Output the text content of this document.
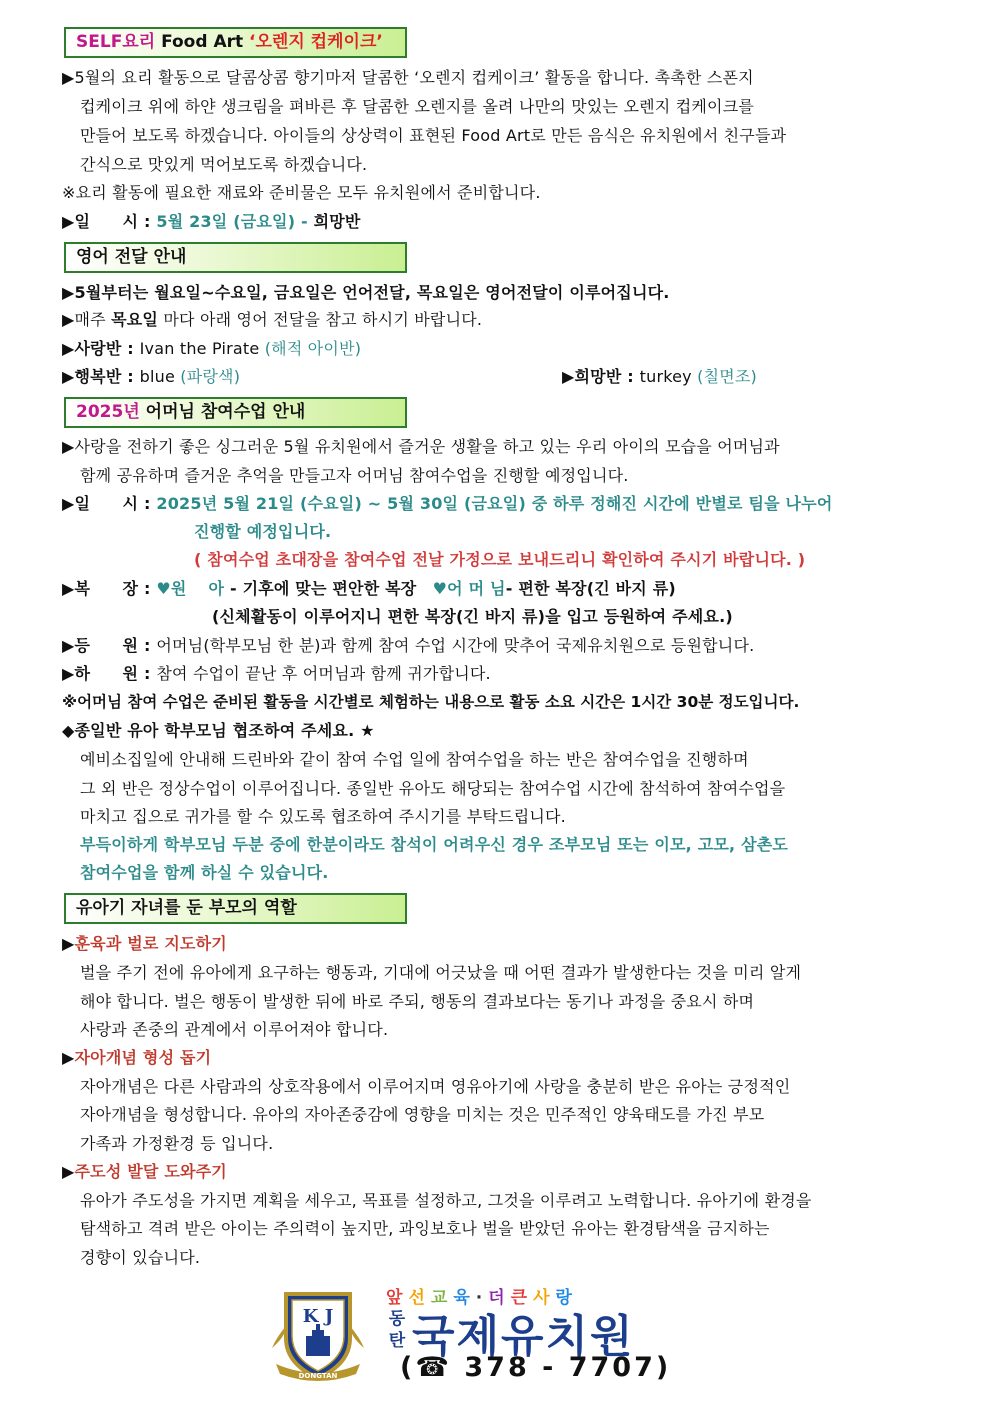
SELF요리 Food Art ‘오렌지 컵케이크’
▶5월의 요리 활동으로 달콤상콤 향기마저 달콤한 ‘오렌지 컵케이크’ 활동을 합니다. 촉촉한 스폰지
컵케이크 위에 하얀 생크림을 펴바른 후 달콤한 오렌지를 올려 나만의 맛있는 오렌지 컵케이크를
만들어 보도록 하겠습니다. 아이들의 상상력이 표현된 Food Art로 만든 음식은 유치원에서 친구들과
간식으로 맛있게 먹어보도록 하겠습니다.
※요리 활동에 필요한 재료와 준비물은 모두 유치원에서 준비합니다.
▶일　　시 : 5월 23일 (금요일) - 희망반
영어 전달 안내
▶5월부터는 월요일~수요일, 금요일은 언어전달, 목요일은 영어전달이 이루어집니다.
▶매주 목요일 마다 아래 영어 전달을 참고 하시기 바랍니다.
▶사랑반 : Ivan the Pirate (해적 아이반)
▶행복반 : blue (파랑색)	▶희망반 : turkey (칠면조)
2025년 어머님 참여수업 안내
▶사랑을 전하기 좋은 싱그러운 5월 유치원에서 즐거운 생활을 하고 있는 우리 아이의 모습을 어머님과
함께 공유하며 즐거운 추억을 만들고자 어머님 참여수업을 진행할 예정입니다.
▶일　　시 : 2025년 5월 21일 (수요일) ~ 5월 30일 (금요일) 중 하루 정해진 시간에 반별로 팀을 나누어
진행할 예정입니다.
( 참여수업 초대장을 참여수업 전날 가정으로 보내드리니 확인하여 주시기 바랍니다. )
▶복　　장 : ♥원　 아 - 기후에 맞는 편안한 복장　♥어 머 님- 편한 복장(긴 바지 류)
(신체활동이 이루어지니 편한 복장(긴 바지 류)을 입고 등원하여 주세요.)
▶등　　원 : 어머님(학부모님 한 분)과 함께 참여 수업 시간에 맞추어 국제유치원으로 등원합니다.
▶하　　원 : 참여 수업이 끝난 후 어머님과 함께 귀가합니다.
※어머님 참여 수업은 준비된 활동을 시간별로 체험하는 내용으로 활동 소요 시간은 1시간 30분 정도입니다.
◆종일반 유아 학부모님 협조하여 주세요. ★
예비소집일에 안내해 드린바와 같이 참여 수업 일에 참여수업을 하는 반은 참여수업을 진행하며
그 외 반은 정상수업이 이루어집니다. 종일반 유아도 해당되는 참여수업 시간에 참석하여 참여수업을
마치고 집으로 귀가를 할 수 있도록 협조하여 주시기를 부탁드립니다.
부득이하게 학부모님 두분 중에 한분이라도 참석이 어려우신 경우 조부모님 또는 이모, 고모, 삼촌도
참여수업을 함께 하실 수 있습니다.
유아기 자녀를 둔 부모의 역할
▶훈육과 벌로 지도하기
벌을 주기 전에 유아에게 요구하는 행동과, 기대에 어긋났을 때 어떤 결과가 발생한다는 것을 미리 알게
해야 합니다. 벌은 행동이 발생한 뒤에 바로 주되, 행동의 결과보다는 동기나 과정을 중요시 하며
사랑과 존중의 관계에서 이루어져야 합니다.
▶자아개념 형성 돕기
자아개념은 다른 사람과의 상호작용에서 이루어지며 영유아기에 사랑을 충분히 받은 유아는 긍정적인
자아개념을 형성합니다. 유아의 자아존중감에 영향을 미치는 것은 민주적인 양육태도를 가진 부모
가족과 가정환경 등 입니다.
▶주도성 발달 도와주기
유아가 주도성을 가지면 계획을 세우고, 목표를 설정하고, 그것을 이루려고 노력합니다. 유아기에 환경을
탐색하고 격려 받은 아이는 주의력이 높지만, 과잉보호나 벌을 받았던 유아는 환경탐색을 금지하는
경향이 있습니다.
K J
DONGTAN
앞선교육·더큰사랑
동
탄 국제유치원
(☎ 378 - 7707)
